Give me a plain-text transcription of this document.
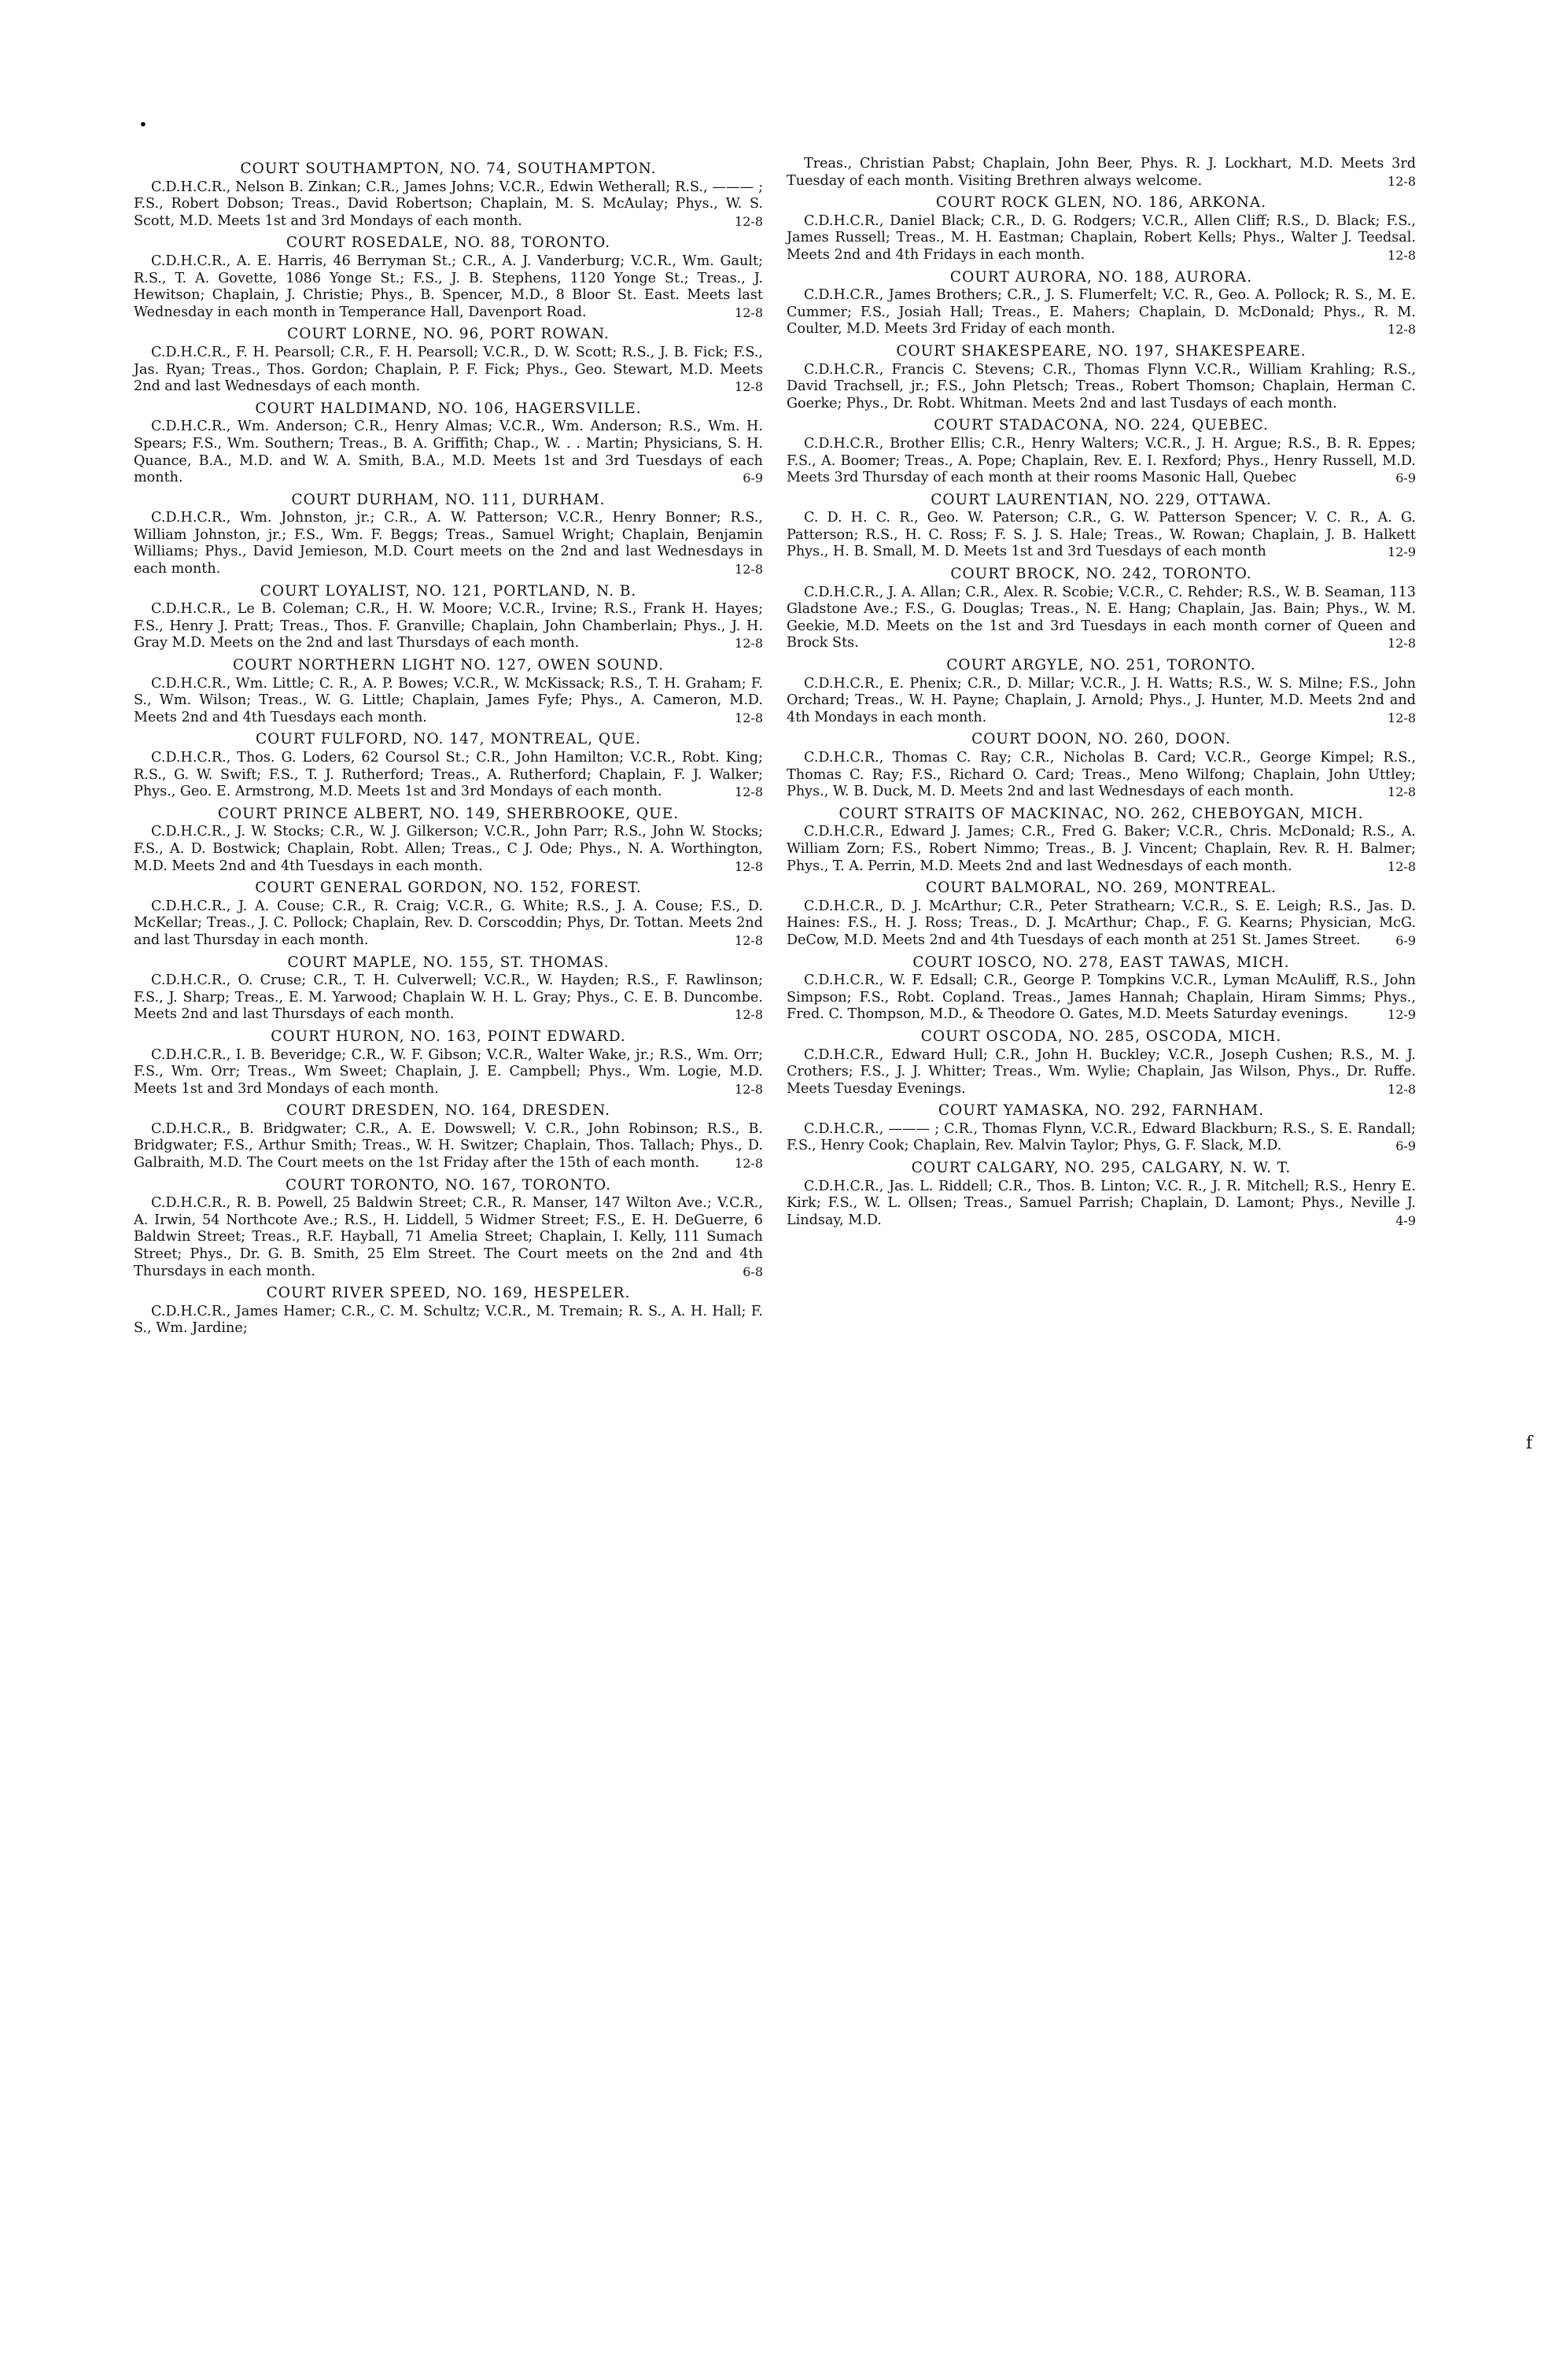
•
f
COURT SOUTHAMPTON, NO. 74, SOUTHAMPTON.
C.D.H.C.R., Nelson B. Zinkan; C.R., James Johns; V.C.R., Edwin Wetherall; R.S., ——— ; F.S., Robert Dobson; Treas., David Robertson; Chaplain, M. S. McAulay; Phys., W. S. Scott, M.D. Meets 1st and 3rd Mondays of each month.	12-8
COURT ROSEDALE, NO. 88, TORONTO.
C.D.H.C.R., A. E. Harris, 46 Berryman St.; C.R., A. J. Vanderburg; V.C.R., Wm. Gault; R.S., T. A. Govette, 1086 Yonge St.; F.S., J. B. Stephens, 1120 Yonge St.; Treas., J. Hewitson; Chaplain, J. Christie; Phys., B. Spencer, M.D., 8 Bloor St. East. Meets last Wednesday in each month in Temperance Hall, Davenport Road.	12-8
COURT LORNE, NO. 96, PORT ROWAN.
C.D.H.C.R., F. H. Pearsoll; C.R., F. H. Pearsoll; V.C.R., D. W. Scott; R.S., J. B. Fick; F.S., Jas. Ryan; Treas., Thos. Gordon; Chaplain, P. F. Fick; Phys., Geo. Stewart, M.D. Meets 2nd and last Wednesdays of each month.	12-8
COURT HALDIMAND, NO. 106, HAGERSVILLE.
C.D.H.C.R., Wm. Anderson; C.R., Henry Almas; V.C.R., Wm. Anderson; R.S., Wm. H. Spears; F.S., Wm. Southern; Treas., B. A. Griffith; Chap., W. . . Martin; Physicians, S. H. Quance, B.A., M.D. and W. A. Smith, B.A., M.D. Meets 1st and 3rd Tuesdays of each month.	6-9
COURT DURHAM, NO. 111, DURHAM.
C.D.H.C.R., Wm. Johnston, jr.; C.R., A. W. Patterson; V.C.R., Henry Bonner; R.S., William Johnston, jr.; F.S., Wm. F. Beggs; Treas., Samuel Wright; Chaplain, Benjamin Williams; Phys., David Jemieson, M.D. Court meets on the 2nd and last Wednesdays in each month.	12-8
COURT LOYALIST, NO. 121, PORTLAND, N. B.
C.D.H.C.R., Le B. Coleman; C.R., H. W. Moore; V.C.R., Irvine; R.S., Frank H. Hayes; F.S., Henry J. Pratt; Treas., Thos. F. Granville; Chaplain, John Chamberlain; Phys., J. H. Gray M.D. Meets on the 2nd and last Thursdays of each month.	12-8
COURT NORTHERN LIGHT NO. 127, OWEN SOUND.
C.D.H.C.R., Wm. Little; C. R., A. P. Bowes; V.C.R., W. McKissack; R.S., T. H. Graham; F. S., Wm. Wilson; Treas., W. G. Little; Chaplain, James Fyfe; Phys., A. Cameron, M.D. Meets 2nd and 4th Tuesdays each month.	12-8
COURT FULFORD, NO. 147, MONTREAL, QUE.
C.D.H.C.R., Thos. G. Loders, 62 Coursol St.; C.R., John Hamilton; V.C.R., Robt. King; R.S., G. W. Swift; F.S., T. J. Rutherford; Treas., A. Rutherford; Chaplain, F. J. Walker; Phys., Geo. E. Armstrong, M.D. Meets 1st and 3rd Mondays of each month.	12-8
COURT PRINCE ALBERT, NO. 149, SHERBROOKE, QUE.
C.D.H.C.R., J. W. Stocks; C.R., W. J. Gilkerson; V.C.R., John Parr; R.S., John W. Stocks; F.S., A. D. Bostwick; Chaplain, Robt. Allen; Treas., C J. Ode; Phys., N. A. Worthington, M.D. Meets 2nd and 4th Tuesdays in each month.	12-8
COURT GENERAL GORDON, NO. 152, FOREST.
C.D.H.C.R., J. A. Couse; C.R., R. Craig; V.C.R., G. White; R.S., J. A. Couse; F.S., D. McKellar; Treas., J. C. Pollock; Chaplain, Rev. D. Corscoddin; Phys, Dr. Tottan. Meets 2nd and last Thursday in each month.	12-8
COURT MAPLE, NO. 155, ST. THOMAS.
C.D.H.C.R., O. Cruse; C.R., T. H. Culverwell; V.C.R., W. Hayden; R.S., F. Rawlinson; F.S., J. Sharp; Treas., E. M. Yarwood; Chaplain W. H. L. Gray; Phys., C. E. B. Duncombe. Meets 2nd and last Thursdays of each month.	12-8
COURT HURON, NO. 163, POINT EDWARD.
C.D.H.C.R., I. B. Beveridge; C.R., W. F. Gibson; V.C.R., Walter Wake, jr.; R.S., Wm. Orr; F.S., Wm. Orr; Treas., Wm Sweet; Chaplain, J. E. Campbell; Phys., Wm. Logie, M.D. Meets 1st and 3rd Mondays of each month.	12-8
COURT DRESDEN, NO. 164, DRESDEN.
C.D.H.C.R., B. Bridgwater; C.R., A. E. Dowswell; V. C.R., John Robinson; R.S., B. Bridgwater; F.S., Arthur Smith; Treas., W. H. Switzer; Chaplain, Thos. Tallach; Phys., D. Galbraith, M.D. The Court meets on the 1st Friday after the 15th of each month.	12-8
COURT TORONTO, NO. 167, TORONTO.
C.D.H.C.R., R. B. Powell, 25 Baldwin Street; C.R., R. Manser, 147 Wilton Ave.; V.C.R., A. Irwin, 54 Northcote Ave.; R.S., H. Liddell, 5 Widmer Street; F.S., E. H. DeGuerre, 6 Baldwin Street; Treas., R.F. Hayball, 71 Amelia Street; Chaplain, I. Kelly, 111 Sumach Street; Phys., Dr. G. B. Smith, 25 Elm Street. The Court meets on the 2nd and 4th Thursdays in each month.	6-8
COURT RIVER SPEED, NO. 169, HESPELER.
C.D.H.C.R., James Hamer; C.R., C. M. Schultz; V.C.R., M. Tremain; R. S., A. H. Hall; F. S., Wm. Jardine;
Treas., Christian Pabst; Chaplain, John Beer, Phys. R. J. Lockhart, M.D. Meets 3rd Tuesday of each month. Visiting Brethren always welcome.	12-8
COURT ROCK GLEN, NO. 186, ARKONA.
C.D.H.C.R., Daniel Black; C.R., D. G. Rodgers; V.C.R., Allen Cliff; R.S., D. Black; F.S., James Russell; Treas., M. H. Eastman; Chaplain, Robert Kells; Phys., Walter J. Teedsal. Meets 2nd and 4th Fridays in each month.	12-8
COURT AURORA, NO. 188, AURORA.
C.D.H.C.R., James Brothers; C.R., J. S. Flumerfelt; V.C. R., Geo. A. Pollock; R. S., M. E. Cummer; F.S., Josiah Hall; Treas., E. Mahers; Chaplain, D. McDonald; Phys., R. M. Coulter, M.D. Meets 3rd Friday of each month.	12-8
COURT SHAKESPEARE, NO. 197, SHAKESPEARE.
C.D.H.C.R., Francis C. Stevens; C.R., Thomas Flynn V.C.R., William Krahling; R.S., David Trachsell, jr.; F.S., John Pletsch; Treas., Robert Thomson; Chaplain, Herman C. Goerke; Phys., Dr. Robt. Whitman. Meets 2nd and last Tusdays of each month.
COURT STADACONA, NO. 224, QUEBEC.
C.D.H.C.R., Brother Ellis; C.R., Henry Walters; V.C.R., J. H. Argue; R.S., B. R. Eppes; F.S., A. Boomer; Treas., A. Pope; Chaplain, Rev. E. I. Rexford; Phys., Henry Russell, M.D. Meets 3rd Thursday of each month at their rooms Masonic Hall, Quebec	6-9
COURT LAURENTIAN, NO. 229, OTTAWA.
C. D. H. C. R., Geo. W. Paterson; C.R., G. W. Patterson Spencer; V. C. R., A. G. Patterson; R.S., H. C. Ross; F. S. J. S. Hale; Treas., W. Rowan; Chaplain, J. B. Halkett Phys., H. B. Small, M. D. Meets 1st and 3rd Tuesdays of each month	12-9
COURT BROCK, NO. 242, TORONTO.
C.D.H.C.R., J. A. Allan; C.R., Alex. R. Scobie; V.C.R., C. Rehder; R.S., W. B. Seaman, 113 Gladstone Ave.; F.S., G. Douglas; Treas., N. E. Hang; Chaplain, Jas. Bain; Phys., W. M. Geekie, M.D. Meets on the 1st and 3rd Tuesdays in each month corner of Queen and Brock Sts.	12-8
COURT ARGYLE, NO. 251, TORONTO.
C.D.H.C.R., E. Phenix; C.R., D. Millar; V.C.R., J. H. Watts; R.S., W. S. Milne; F.S., John Orchard; Treas., W. H. Payne; Chaplain, J. Arnold; Phys., J. Hunter, M.D. Meets 2nd and 4th Mondays in each month.	12-8
COURT DOON, NO. 260, DOON.
C.D.H.C.R., Thomas C. Ray; C.R., Nicholas B. Card; V.C.R., George Kimpel; R.S., Thomas C. Ray; F.S., Richard O. Card; Treas., Meno Wilfong; Chaplain, John Uttley; Phys., W. B. Duck, M. D. Meets 2nd and last Wednesdays of each month.	12-8
COURT STRAITS OF MACKINAC, NO. 262, CHEBOYGAN, MICH.
C.D.H.C.R., Edward J. James; C.R., Fred G. Baker; V.C.R., Chris. McDonald; R.S., A. William Zorn; F.S., Robert Nimmo; Treas., B. J. Vincent; Chaplain, Rev. R. H. Balmer; Phys., T. A. Perrin, M.D. Meets 2nd and last Wednesdays of each month.	12-8
COURT BALMORAL, NO. 269, MONTREAL.
C.D.H.C.R., D. J. McArthur; C.R., Peter Strathearn; V.C.R., S. E. Leigh; R.S., Jas. D. Haines: F.S., H. J. Ross; Treas., D. J. McArthur; Chap., F. G. Kearns; Physician, McG. DeCow, M.D. Meets 2nd and 4th Tuesdays of each month at 251 St. James Street.	6-9
COURT IOSCO, NO. 278, EAST TAWAS, MICH.
C.D.H.C.R., W. F. Edsall; C.R., George P. Tompkins V.C.R., Lyman McAuliff, R.S., John Simpson; F.S., Robt. Copland. Treas., James Hannah; Chaplain, Hiram Simms; Phys., Fred. C. Thompson, M.D., & Theodore O. Gates, M.D. Meets Saturday evenings.	12-9
COURT OSCODA, NO. 285, OSCODA, MICH.
C.D.H.C.R., Edward Hull; C.R., John H. Buckley; V.C.R., Joseph Cushen; R.S., M. J. Crothers; F.S., J. J. Whitter; Treas., Wm. Wylie; Chaplain, Jas Wilson, Phys., Dr. Ruffe. Meets Tuesday Evenings.	12-8
COURT YAMASKA, NO. 292, FARNHAM.
C.D.H.C.R., ——— ; C.R., Thomas Flynn, V.C.R., Edward Blackburn; R.S., S. E. Randall; F.S., Henry Cook; Chaplain, Rev. Malvin Taylor; Phys, G. F. Slack, M.D.	6-9
COURT CALGARY, NO. 295, CALGARY, N. W. T.
C.D.H.C.R., Jas. L. Riddell; C.R., Thos. B. Linton; V.C. R., J. R. Mitchell; R.S., Henry E. Kirk; F.S., W. L. Ollsen; Treas., Samuel Parrish; Chaplain, D. Lamont; Phys., Neville J. Lindsay, M.D.	4-9
